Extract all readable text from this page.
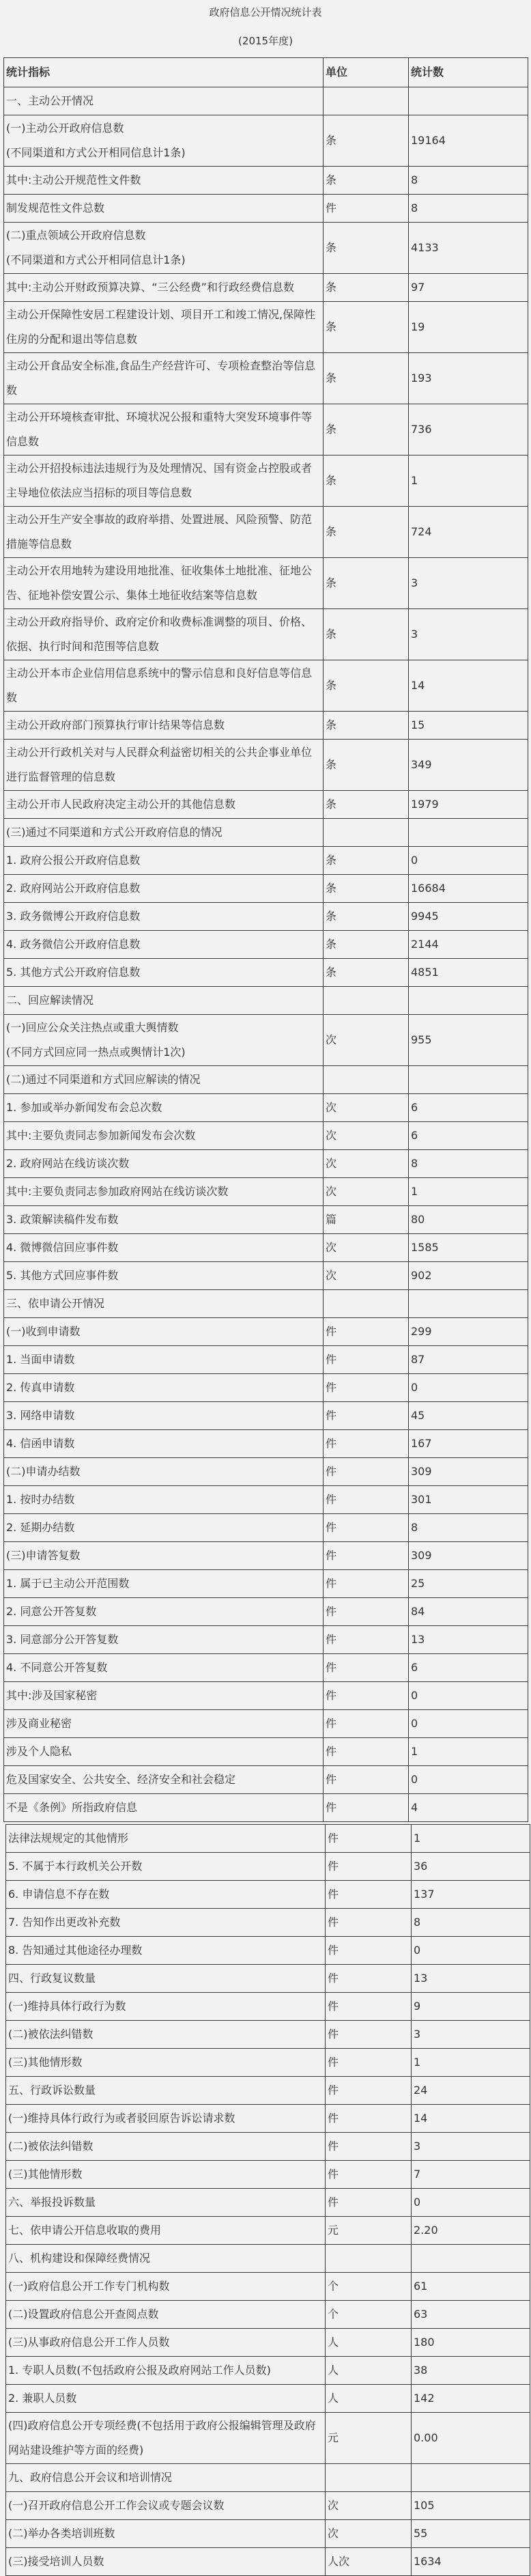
政府信息公开情况统计表
(2015年度)
统计指标	单位	统计数

一、主动公开情况		

(一)主动公开政府信息数
(不同渠道和方式公开相同信息计1条)	条	19164

其中:主动公开规范性文件数	条	8

制发规范性文件总数	件	8

(二)重点领域公开政府信息数
(不同渠道和方式公开相同信息计1条)	条	4133

其中:主动公开财政预算决算、“三公经费”和行政经费信息数	条	97

主动公开保障性安居工程建设计划、项目开工和竣工情况,保障性住房的分配和退出等信息数	条	19

主动公开食品安全标准,食品生产经营许可、专项检查整治等信息数	条	193

主动公开环境核查审批、环境状况公报和重特大突发环境事件等信息数	条	736

主动公开招投标违法违规行为及处理情况、国有资金占控股或者主导地位依法应当招标的项目等信息数	条	1

主动公开生产安全事故的政府举措、处置进展、风险预警、防范措施等信息数	条	724

主动公开农用地转为建设用地批准、征收集体土地批准、征地公告、征地补偿安置公示、集体土地征收结案等信息数	条	3

主动公开政府指导价、政府定价和收费标准调整的项目、价格、依据、执行时间和范围等信息数	条	3

主动公开本市企业信用信息系统中的警示信息和良好信息等信息数	条	14

主动公开政府部门预算执行审计结果等信息数	条	15

主动公开行政机关对与人民群众利益密切相关的公共企事业单位进行监督管理的信息数	条	349

主动公开市人民政府决定主动公开的其他信息数	条	1979

(三)通过不同渠道和方式公开政府信息的情况		

1. 政府公报公开政府信息数	条	0

2. 政府网站公开政府信息数	条	16684

3. 政务微博公开政府信息数	条	9945

4. 政务微信公开政府信息数	条	2144

5. 其他方式公开政府信息数	条	4851

二、回应解读情况		

(一)回应公众关注热点或重大舆情数
(不同方式回应同一热点或舆情计1次)	次	955

(二)通过不同渠道和方式回应解读的情况		

1. 参加或举办新闻发布会总次数	次	6

其中:主要负责同志参加新闻发布会次数	次	6

2. 政府网站在线访谈次数	次	8

其中:主要负责同志参加政府网站在线访谈次数	次	1

3. 政策解读稿件发布数	篇	80

4. 微博微信回应事件数	次	1585

5. 其他方式回应事件数	次	902

三、依申请公开情况		

(一)收到申请数	件	299

1. 当面申请数	件	87

2. 传真申请数	件	0

3. 网络申请数	件	45

4. 信函申请数	件	167

(二)申请办结数	件	309

1. 按时办结数	件	301

2. 延期办结数	件	8

(三)申请答复数	件	309

1. 属于已主动公开范围数	件	25

2. 同意公开答复数	件	84

3. 同意部分公开答复数	件	13

4. 不同意公开答复数	件	6

其中:涉及国家秘密	件	0

涉及商业秘密	件	0

涉及个人隐私	件	1

危及国家安全、公共安全、经济安全和社会稳定	件	0

不是《条例》所指政府信息	件	4
法律法规规定的其他情形	件	1

5. 不属于本行政机关公开数	件	36

6. 申请信息不存在数	件	137

7. 告知作出更改补充数	件	8

8. 告知通过其他途径办理数	件	0

四、行政复议数量	件	13

(一)维持具体行政行为数	件	9

(二)被依法纠错数	件	3

(三)其他情形数	件	1

五、行政诉讼数量	件	24

(一)维持具体行政行为或者驳回原告诉讼请求数	件	14

(二)被依法纠错数	件	3

(三)其他情形数	件	7

六、举报投诉数量	件	0

七、依申请公开信息收取的费用	元	2.20

八、机构建设和保障经费情况		

(一)政府信息公开工作专门机构数	个	61

(二)设置政府信息公开查阅点数	个	63

(三)从事政府信息公开工作人员数	人	180

1. 专职人员数(不包括政府公报及政府网站工作人员数)	人	38

2. 兼职人员数	人	142

(四)政府信息公开专项经费(不包括用于政府公报编辑管理及政府网站建设维护等方面的经费)	元	0.00

九、政府信息公开会议和培训情况		

(一)召开政府信息公开工作会议或专题会议数	次	105

(二)举办各类培训班数	次	55

(三)接受培训人员数	人次	1634
